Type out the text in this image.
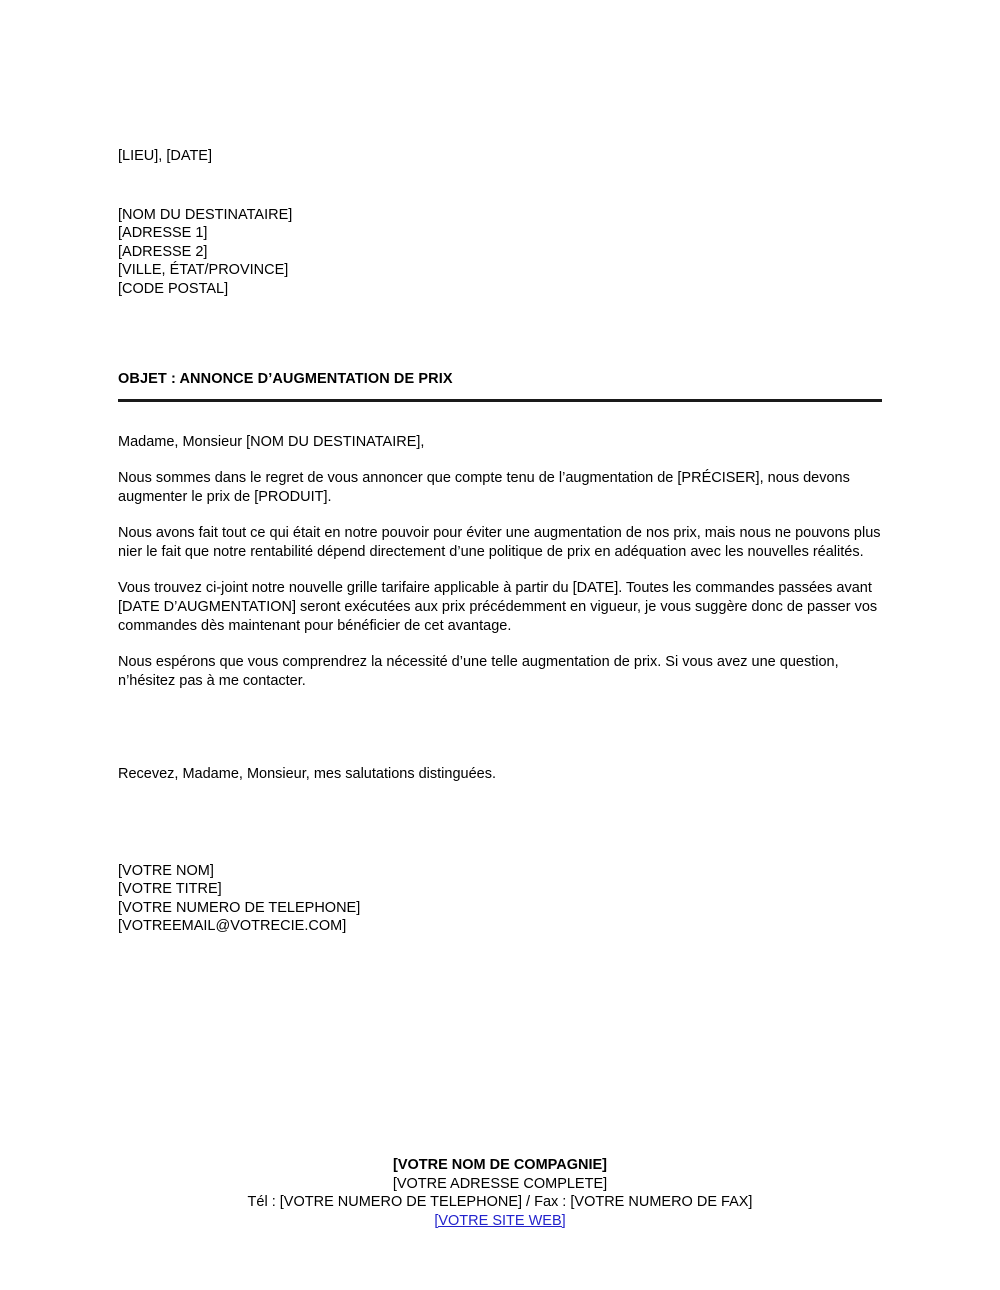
[LIEU], [DATE]
[NOM DU DESTINATAIRE]
[ADRESSE 1]
[ADRESSE 2]
[VILLE, ÉTAT/PROVINCE]
[CODE POSTAL]
OBJET : ANNONCE D’AUGMENTATION DE PRIX
Madame, Monsieur [NOM DU DESTINATAIRE],

Nous sommes dans le regret de vous annoncer que compte tenu de l’augmentation de [PRÉCISER], nous devons augmenter le prix de [PRODUIT].

Nous avons fait tout ce qui était en notre pouvoir pour éviter une augmentation de nos prix, mais nous ne pouvons plus nier le fait que notre rentabilité dépend directement d’une politique de prix en adéquation avec les nouvelles réalités.

Vous trouvez ci-joint notre nouvelle grille tarifaire applicable à partir du [DATE]. Toutes les commandes passées avant [DATE D’AUGMENTATION] seront exécutées aux prix précédemment en vigueur, je vous suggère donc de passer vos commandes dès maintenant pour bénéficier de cet avantage.

Nous espérons que vous comprendrez la nécessité d’une telle augmentation de prix. Si vous avez une question, n’hésitez pas à me contacter.

Recevez, Madame, Monsieur, mes salutations distinguées.
[VOTRE NOM]
[VOTRE TITRE]
[VOTRE NUMERO DE TELEPHONE]
[VOTREEMAIL@VOTRECIE.COM]
[VOTRE NOM DE COMPAGNIE]
[VOTRE ADRESSE COMPLETE]
Tél : [VOTRE NUMERO DE TELEPHONE] / Fax : [VOTRE NUMERO DE FAX]
[VOTRE SITE WEB]
